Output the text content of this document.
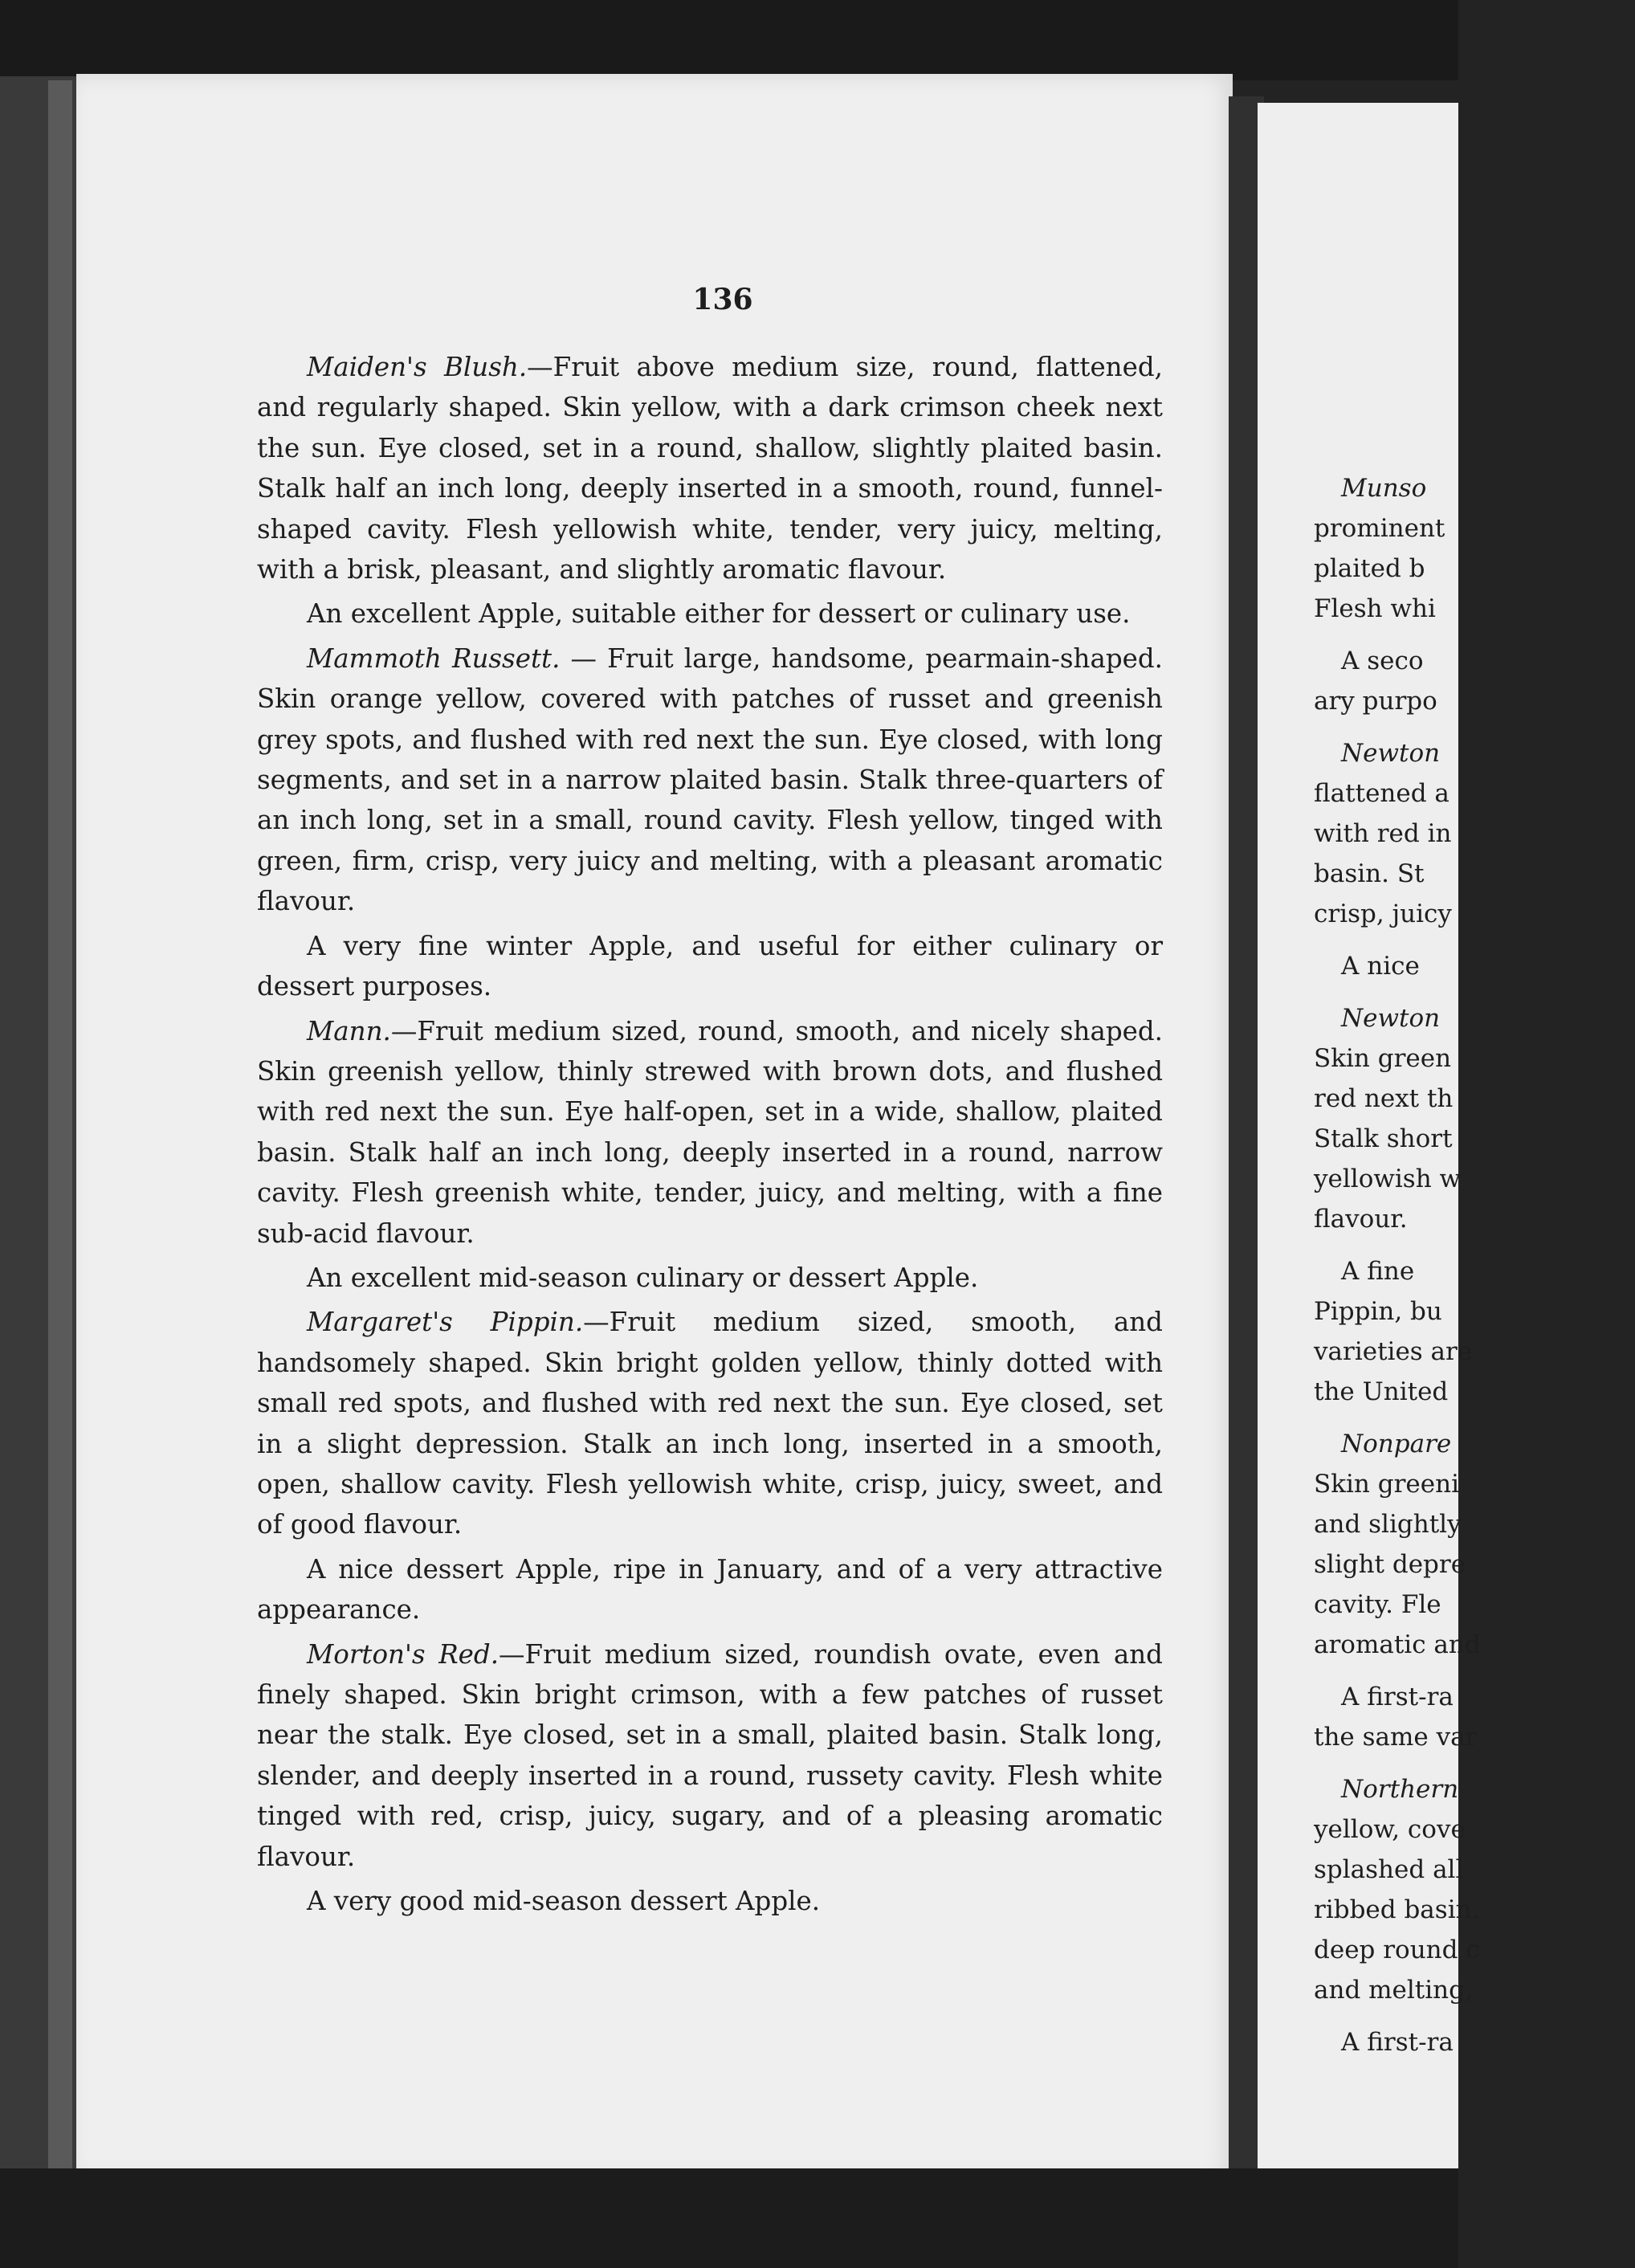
136

Maiden's Blush.—Fruit above medium size, round, flattened, and regularly shaped. Skin yellow, with a dark crimson cheek next the sun. Eye closed, set in a round, shallow, slightly plaited basin. Stalk half an inch long, deeply inserted in a smooth, round, funnel-shaped cavity. Flesh yellowish white, tender, very juicy, melting, with a brisk, pleasant, and slightly aromatic flavour.

An excellent Apple, suitable either for dessert or culinary use.

Mammoth Russett. — Fruit large, handsome, pearmain-shaped. Skin orange yellow, covered with patches of russet and greenish grey spots, and flushed with red next the sun. Eye closed, with long segments, and set in a narrow plaited basin. Stalk three-quarters of an inch long, set in a small, round cavity. Flesh yellow, tinged with green, firm, crisp, very juicy and melting, with a pleasant aromatic flavour.

A very fine winter Apple, and useful for either culinary or dessert purposes.

Mann.—Fruit medium sized, round, smooth, and nicely shaped. Skin greenish yellow, thinly strewed with brown dots, and flushed with red next the sun. Eye half-open, set in a wide, shallow, plaited basin. Stalk half an inch long, deeply inserted in a round, narrow cavity. Flesh greenish white, tender, juicy, and melting, with a fine sub-acid flavour.

An excellent mid-season culinary or dessert Apple.

Margaret's Pippin.—Fruit medium sized, smooth, and handsomely shaped. Skin bright golden yellow, thinly dotted with small red spots, and flushed with red next the sun. Eye closed, set in a slight depression. Stalk an inch long, inserted in a smooth, open, shallow cavity. Flesh yellowish white, crisp, juicy, sweet, and of good flavour.

A nice dessert Apple, ripe in January, and of a very attractive appearance.

Morton's Red.—Fruit medium sized, roundish ovate, even and finely shaped. Skin bright crimson, with a few patches of russet near the stalk. Eye closed, set in a small, plaited basin. Stalk long, slender, and deeply inserted in a round, russety cavity. Flesh white tinged with red, crisp, juicy, sugary, and of a pleasing aromatic flavour.

A very good mid-season dessert Apple.

Munso
prominent
plaited b
Flesh whi
A seco
ary purpo
Newton
flattened a
with red in
basin. St
crisp, juicy
A nice
Newton
Skin green
red next th
Stalk short
yellowish w
flavour.
A fine
Pippin, bu
varieties are
the United
Nonpare
Skin greeni
and slightly
slight depre
cavity. Fle
aromatic and
A first-ra
the same var
Northern
yellow, cove
splashed all
ribbed basin.
deep round c
and melting,
A first-ra
